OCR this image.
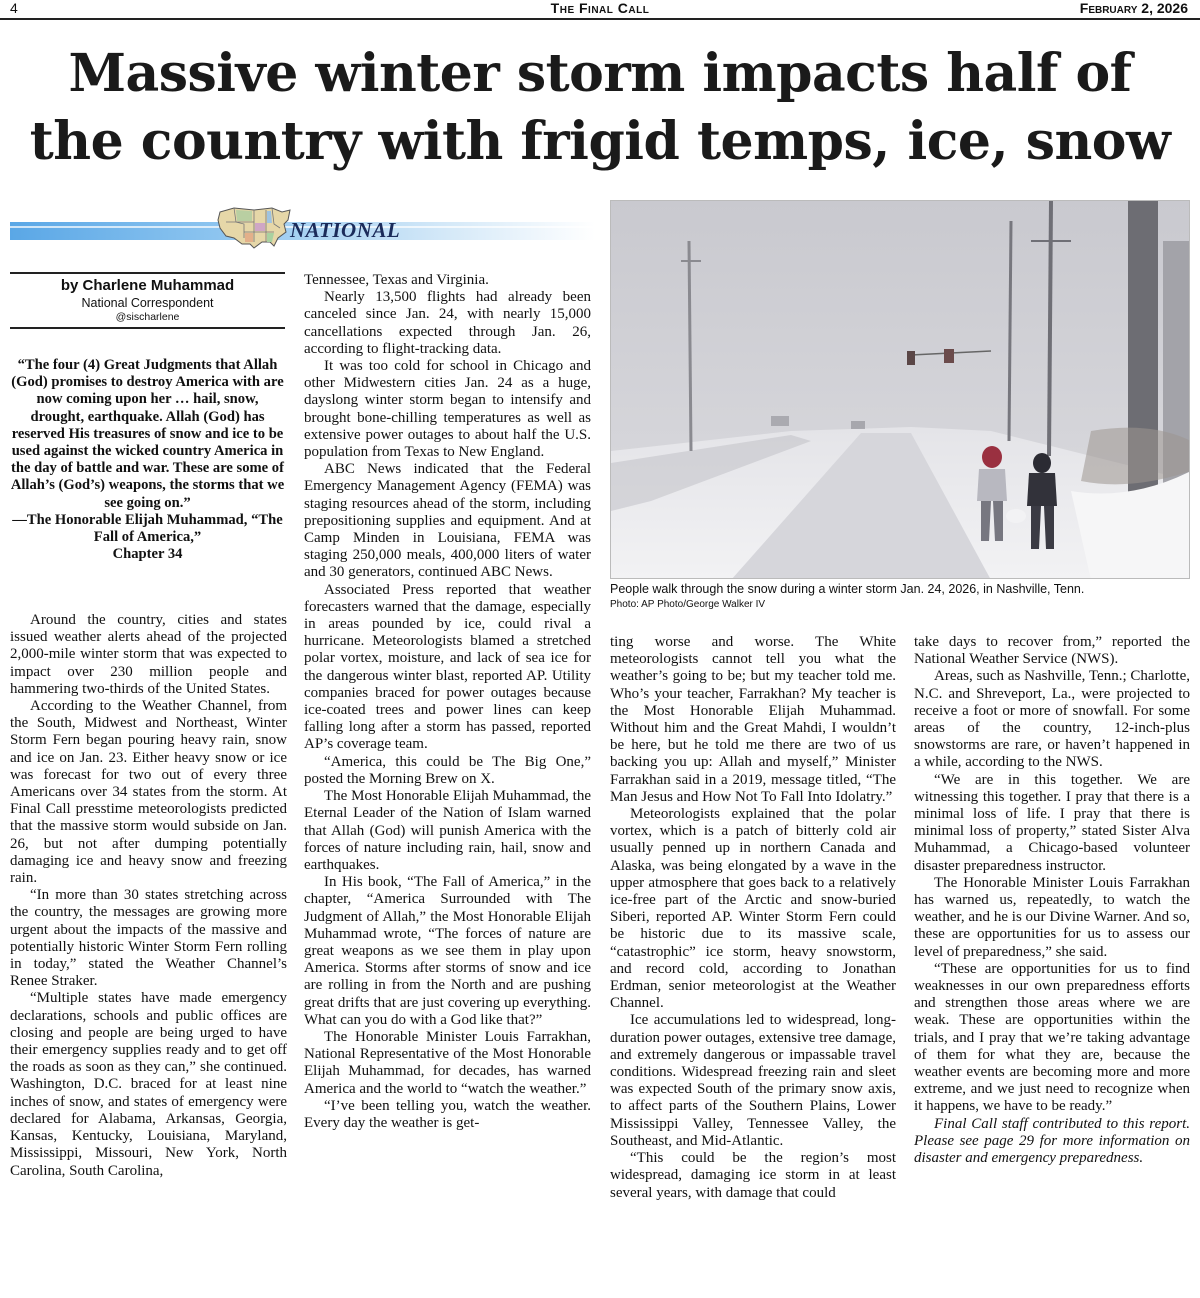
4	The Final Call	February 2, 2026
Massive winter storm impacts half of
the country with frigid temps, ice, snow
NATIONAL
by Charlene Muhammad
National Correspondent
@sischarlene
“The four (4) Great Judgments that Allah (God) promises to destroy America with are now coming upon her … hail, snow, drought, earthquake. Allah (God) has reserved His treasures of snow and ice to be used against the wicked country America in the day of battle and war. These are some of Allah’s (God’s) weapons, the storms that we see going on.”
—The Honorable Elijah Muhammad, “The Fall of America,”
Chapter 34
People walk through the snow during a winter storm Jan. 24, 2026, in Nashville, Tenn.
Photo: AP Photo/George Walker IV

Around the country, cities and states issued weather alerts ahead of the projected 2,000-mile winter storm that was expected to impact over 230 million people and hammering two-thirds of the United States.

According to the Weather Channel, from the South, Midwest and Northeast, Winter Storm Fern began pouring heavy rain, snow and ice on Jan. 23. Either heavy snow or ice was forecast for two out of every three Americans over 34 states from the storm. At Final Call presstime meteorologists predicted that the massive storm would subside on Jan. 26, but not after dumping potentially damaging ice and heavy snow and freezing rain.

“In more than 30 states stretching across the country, the messages are growing more urgent about the impacts of the massive and potentially historic Winter Storm Fern rolling in today,” stated the Weather Channel’s Renee Straker.

“Multiple states have made emergency declarations, schools and public offices are closing and people are being urged to have their emergency supplies ready and to get off the roads as soon as they can,” she continued. Washington, D.C. braced for at least nine inches of snow, and states of emergency were declared for Alabama, Arkansas, Georgia, Kansas, Kentucky, Louisiana, Maryland, Mississippi, Missouri, New York, North Carolina, South Carolina,

Tennessee, Texas and Virginia.

Nearly 13,500 flights had already been canceled since Jan. 24, with nearly 15,000 cancellations expected through Jan. 26, according to flight-tracking data.

It was too cold for school in Chicago and other Midwestern cities Jan. 24 as a huge, dayslong winter storm began to intensify and brought bone-chilling temperatures as well as extensive power outages to about half the U.S. population from Texas to New England.

ABC News indicated that the Federal Emergency Management Agency (FEMA) was staging resources ahead of the storm, including prepositioning supplies and equipment. And at Camp Minden in Louisiana, FEMA was staging 250,000 meals, 400,000 liters of water and 30 generators, continued ABC News.

Associated Press reported that weather forecasters warned that the damage, especially in areas pounded by ice, could rival a hurricane. Meteorologists blamed a stretched polar vortex, moisture, and lack of sea ice for the dangerous winter blast, reported AP. Utility companies braced for power outages because ice-coated trees and power lines can keep falling long after a storm has passed, reported AP’s coverage team.

“America, this could be The Big One,” posted the Morning Brew on X.

The Most Honorable Elijah Muhammad, the Eternal Leader of the Nation of Islam warned that Allah (God) will punish America with the forces of nature including rain, hail, snow and earthquakes.

In His book, “The Fall of America,” in the chapter, “America Surrounded with The Judgment of Allah,” the Most Honorable Elijah Muhammad wrote, “The forces of nature are great weapons as we see them in play upon America. Storms after storms of snow and ice are rolling in from the North and are pushing great drifts that are just covering up everything. What can you do with a God like that?”

The Honorable Minister Louis Farrakhan, National Representative of the Most Honorable Elijah Muhammad, for decades, has warned America and the world to “watch the weather.”

“I’ve been telling you, watch the weather. Every day the weather is get-

ting worse and worse. The White meteorologists cannot tell you what the weather’s going to be; but my teacher told me. Who’s your teacher, Farrakhan? My teacher is the Most Honorable Elijah Muhammad. Without him and the Great Mahdi, I wouldn’t be here, but he told me there are two of us backing you up: Allah and myself,” Minister Farrakhan said in a 2019, message titled, “The Man Jesus and How Not To Fall Into Idolatry.”

Meteorologists explained that the polar vortex, which is a patch of bitterly cold air usually penned up in northern Canada and Alaska, was being elongated by a wave in the upper atmosphere that goes back to a relatively ice-free part of the Arctic and snow-buried Siberi, reported AP. Winter Storm Fern could be historic due to its massive scale, “catastrophic” ice storm, heavy snowstorm, and record cold, according to Jonathan Erdman, senior meteorologist at the Weather Channel.

Ice accumulations led to widespread, long-duration power outages, extensive tree damage, and extremely dangerous or impassable travel conditions. Widespread freezing rain and sleet was expected South of the primary snow axis, to affect parts of the Southern Plains, Lower Mississippi Valley, Tennessee Valley, the Southeast, and Mid-Atlantic.

“This could be the region’s most widespread, damaging ice storm in at least several years, with damage that could

take days to recover from,” reported the National Weather Service (NWS).

Areas, such as Nashville, Tenn.; Charlotte, N.C. and Shreveport, La., were projected to receive a foot or more of snowfall. For some areas of the country, 12-inch-plus snowstorms are rare, or haven’t happened in a while, according to the NWS.

“We are in this together. We are witnessing this together. I pray that there is a minimal loss of life. I pray that there is minimal loss of property,” stated Sister Alva Muhammad, a Chicago-based volunteer disaster preparedness instructor.

The Honorable Minister Louis Farrakhan has warned us, repeatedly, to watch the weather, and he is our Divine Warner. And so, these are opportunities for us to assess our level of preparedness,” she said.

“These are opportunities for us to find weaknesses in our own preparedness efforts and strengthen those areas where we are weak. These are opportunities within the trials, and I pray that we’re taking advantage of them for what they are, because the weather events are becoming more and more extreme, and we just need to recognize when it happens, we have to be ready.”

Final Call staff contributed to this report. Please see page 29 for more information on disaster and emergency preparedness.
